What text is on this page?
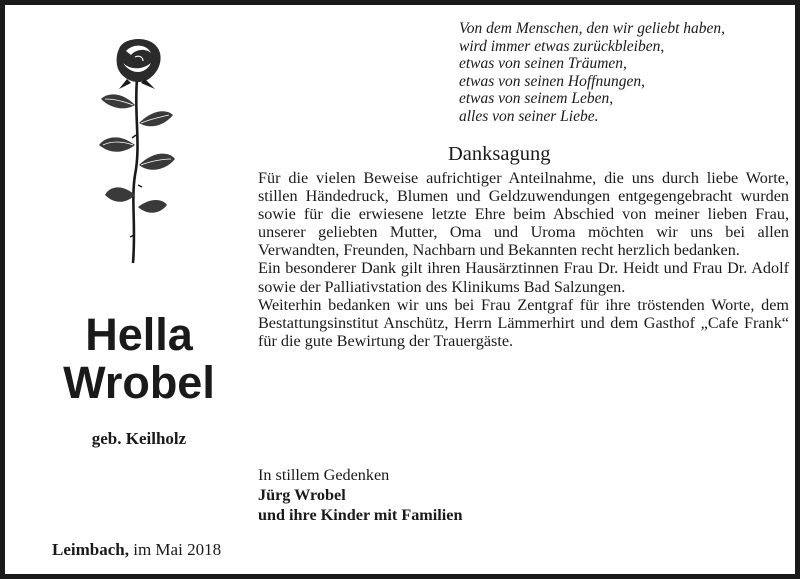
Von dem Menschen, den wir geliebt haben,
wird immer etwas zurückbleiben,
etwas von seinen Träumen,
etwas von seinen Hoffnungen,
etwas von seinem Leben,
alles von seiner Liebe.
Danksagung
Für die vielen Beweise aufrichtiger Anteilnahme, die uns durch liebe Worte, stillen Händedruck, Blumen und Geldzuwendungen entgegengebracht wurden sowie für die erwiesene letzte Ehre beim Abschied von meiner lieben Frau, unserer geliebten Mutter, Oma und Uroma möchten wir uns bei allen Verwandten, Freunden, Nachbarn und Bekannten recht herzlich bedanken.
Ein besonderer Dank gilt ihren Hausärztinnen Frau Dr. Heidt und Frau Dr. Adolf sowie der Palliativstation des Klinikums Bad Salzungen.
Weiterhin bedanken wir uns bei Frau Zentgraf für ihre tröstenden Worte, dem Bestattungsinstitut Anschütz, Herrn Lämmerhirt und dem Gasthof „Cafe Frank“ für die gute Bewirtung der Trauergäste.
In stillem Gedenken
Jürg Wrobel
und ihre Kinder mit Familien
Hella
Wrobel
geb. Keilholz
Leimbach, im Mai 2018
